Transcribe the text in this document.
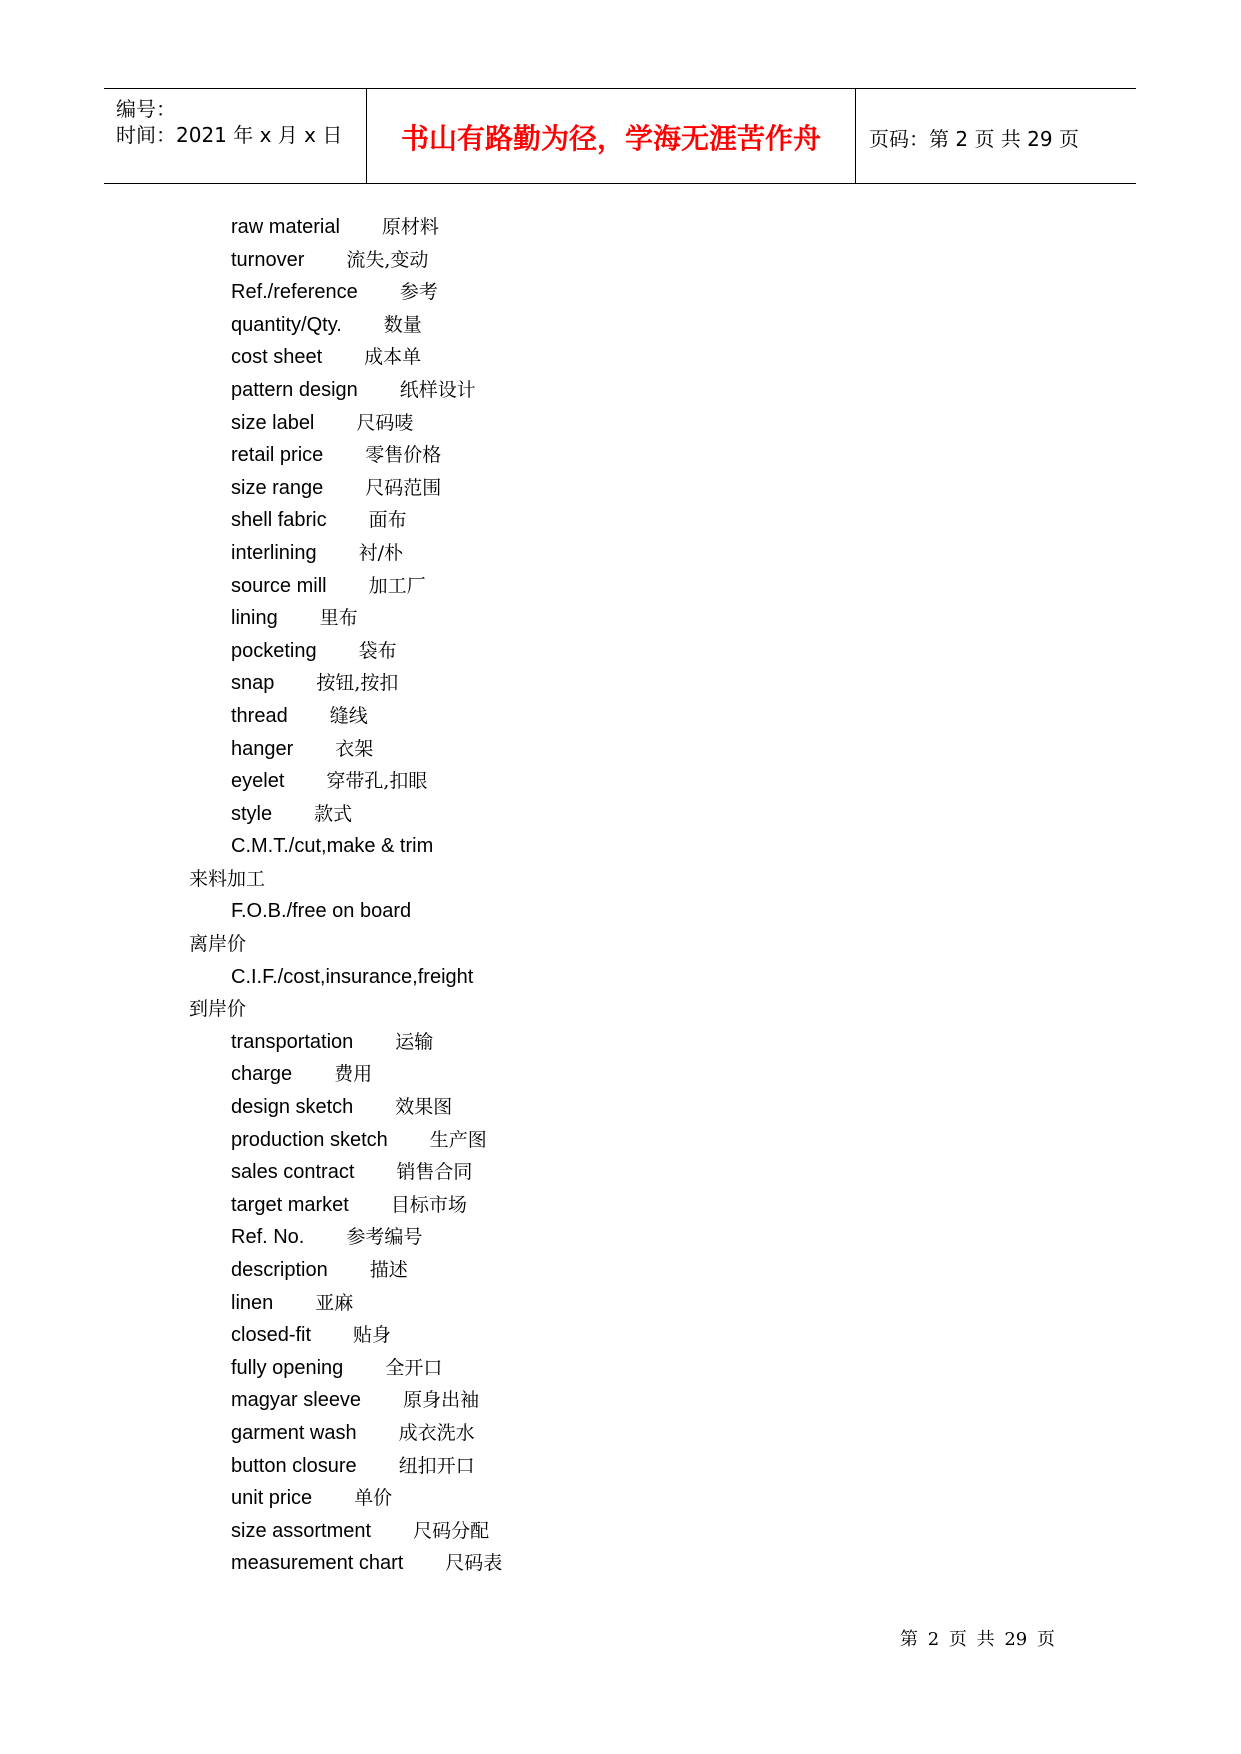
编号：
时间：2021 年 x 月 x 日	书山有路勤为径，学海无涯苦作舟	页码：第 2 页 共 29 页
raw material 原材料
turnover 流失,变动
Ref./reference 参考
quantity/Qty. 数量
cost sheet 成本单
pattern design 纸样设计
size label 尺码唛
retail price 零售价格
size range 尺码范围
shell fabric 面布
interlining 衬/朴
source mill 加工厂
lining 里布
pocketing 袋布
snap 按钮,按扣
thread 缝线
hanger 衣架
eyelet 穿带孔,扣眼
style 款式
C.M.T./cut,make & trim
来料加工
F.O.B./free on board
离岸价
C.I.F./cost,insurance,freight
到岸价
transportation 运输
charge 费用
design sketch 效果图
production sketch 生产图
sales contract 销售合同
target market 目标市场
Ref. No. 参考编号
description 描述
linen 亚麻
closed-fit 贴身
fully opening 全开口
magyar sleeve 原身出袖
garment wash 成衣洗水
button closure 纽扣开口
unit price 单价
size assortment 尺码分配
measurement chart 尺码表
第 2 页 共 29 页
